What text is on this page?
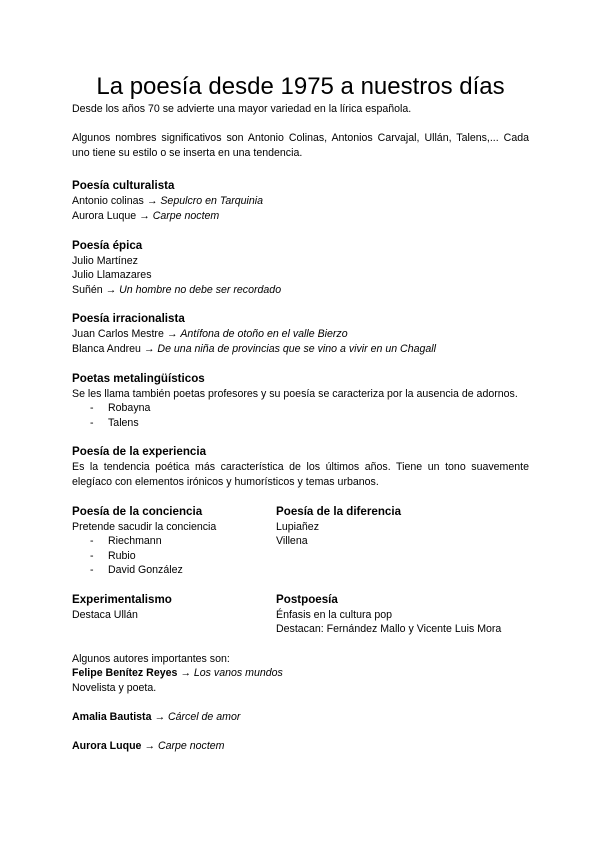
La poesía desde 1975 a nuestros días

Desde los años 70 se advierte una mayor variedad en la lírica española.

Algunos nombres significativos son Antonio Colinas, Antonios Carvajal, Ullán, Talens,... Cada uno tiene su estilo o se inserta en una tendencia.

Poesía culturalista

Antonio colinas → Sepulcro en Tarquinia

Aurora Luque → Carpe noctem

Poesía épica

Julio Martínez

Julio Llamazares

Suñén → Un hombre no debe ser recordado

Poesía irracionalista

Juan Carlos Mestre → Antífona de otoño en el valle Bierzo

Blanca Andreu → De una niña de provincias que se vino a vivir en un Chagall

Poetas metalingüísticos

Se les llama también poetas profesores y su poesía se caracteriza por la ausencia de adornos.

- Robayna
- Talens
Poesía de la experiencia

Es la tendencia poética más característica de los últimos años. Tiene un tono suavemente elegíaco con elementos irónicos y humorísticos y temas urbanos.

Poesía de la conciencia

Pretende sacudir la conciencia

- Riechmann
- Rubio
- David González
Poesía de la diferencia

Lupiañez

Villena

Experimentalismo

Destaca Ullán

Postpoesía

Énfasis en la cultura pop

Destacan: Fernández Mallo y Vicente Luis Mora

Algunos autores importantes son:

Felipe Benítez Reyes → Los vanos mundos

Novelista y poeta.

Amalia Bautista → Cárcel de amor

Aurora Luque → Carpe noctem
